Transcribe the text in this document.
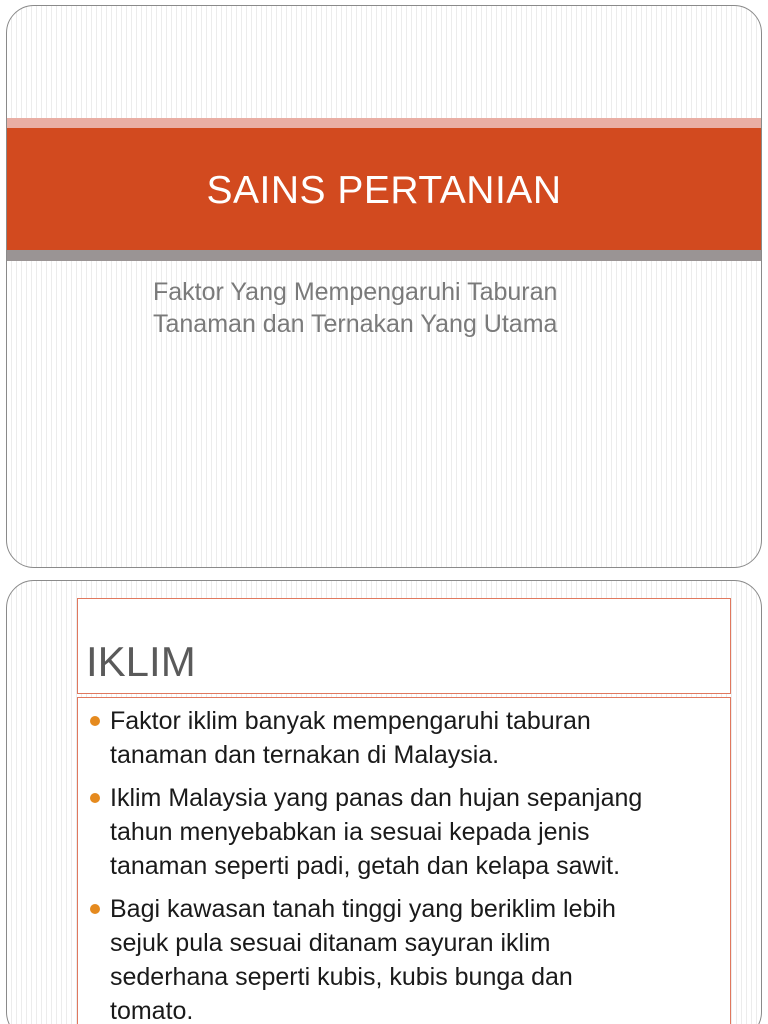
SAINS PERTANIAN
Faktor Yang Mempengaruhi Taburan
Tanaman dan Ternakan Yang Utama
IKLIM
Faktor iklim banyak mempengaruhi taburan
tanaman dan ternakan di Malaysia.
Iklim Malaysia yang panas dan hujan sepanjang
tahun menyebabkan ia sesuai kepada jenis
tanaman seperti padi, getah dan kelapa sawit.
Bagi kawasan tanah tinggi yang beriklim lebih
sejuk pula sesuai ditanam sayuran iklim
sederhana seperti kubis, kubis bunga dan
tomato.
